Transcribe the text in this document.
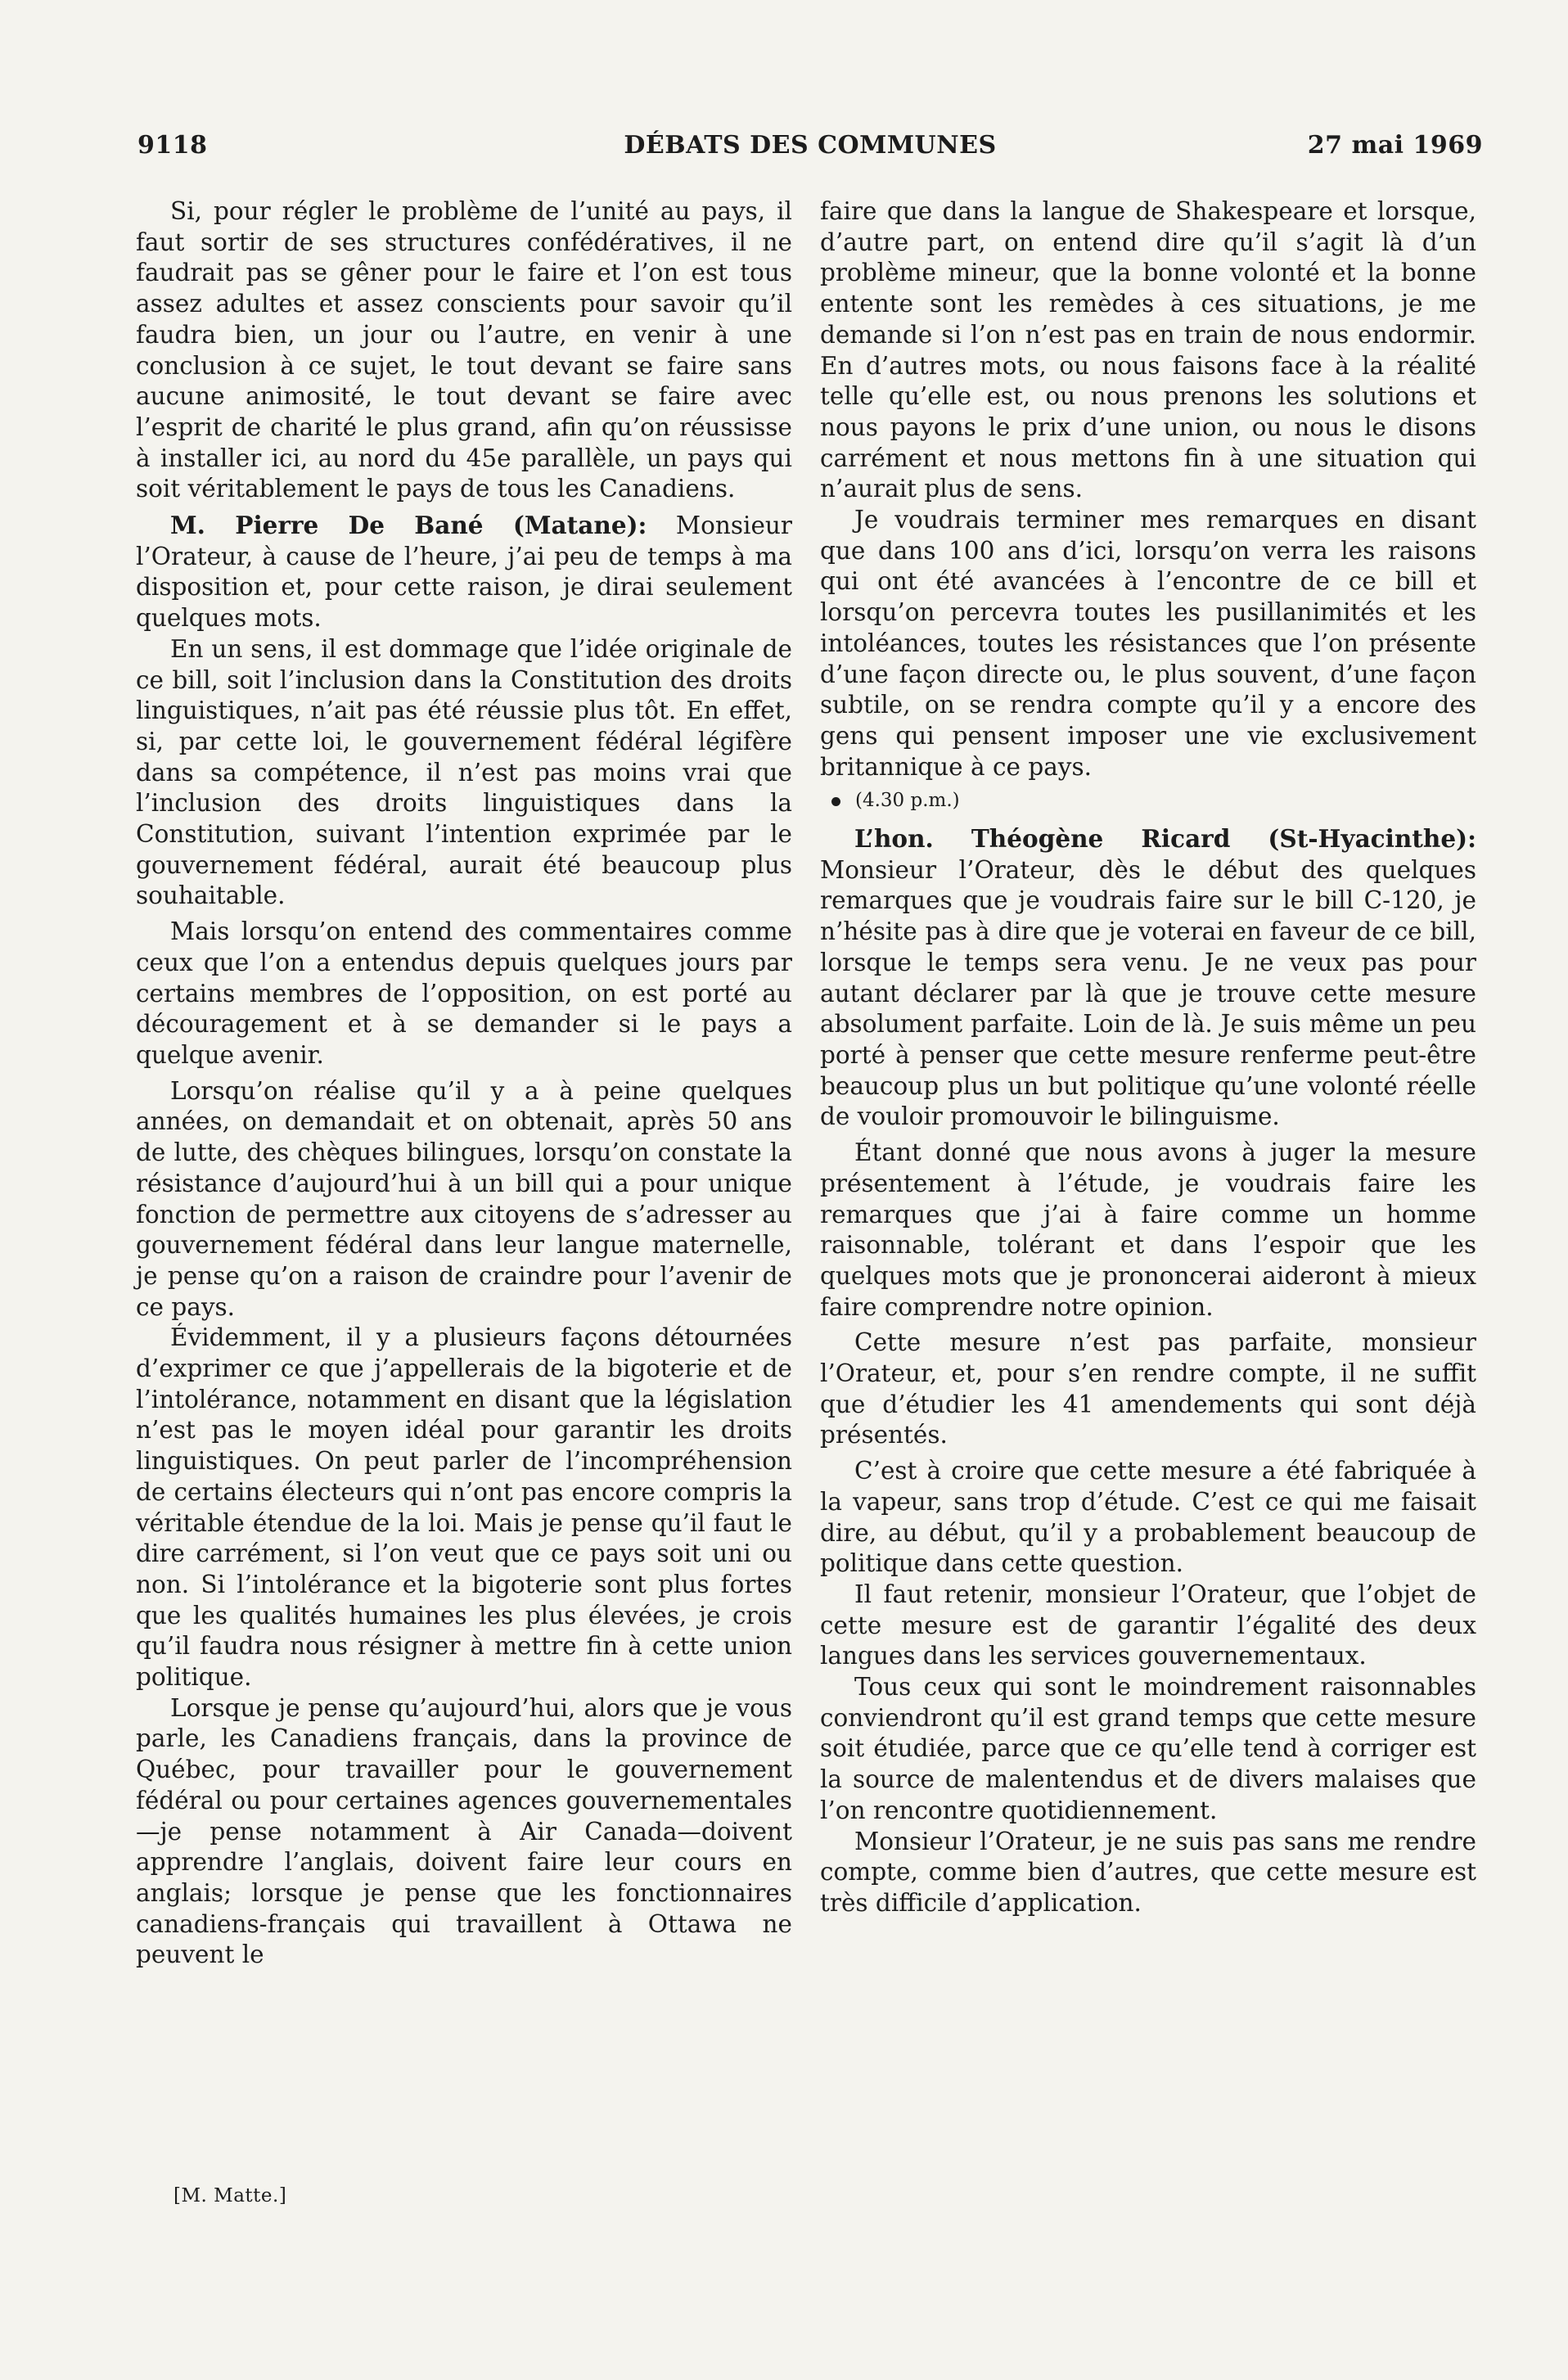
9118	DÉBATS DES COMMUNES	27 mai 1969

Si, pour régler le problème de l’unité au pays, il faut sortir de ses structures confédératives, il ne faudrait pas se gêner pour le faire et l’on est tous assez adultes et assez conscients pour savoir qu’il faudra bien, un jour ou l’autre, en venir à une conclusion à ce sujet, le tout devant se faire sans aucune animosité, le tout devant se faire avec l’esprit de charité le plus grand, afin qu’on réussisse à installer ici, au nord du 45e parallèle, un pays qui soit véritablement le pays de tous les Canadiens.

M. Pierre De Bané (Matane): Monsieur l’Orateur, à cause de l’heure, j’ai peu de temps à ma disposition et, pour cette raison, je dirai seulement quelques mots.

En un sens, il est dommage que l’idée originale de ce bill, soit l’inclusion dans la Constitution des droits linguistiques, n’ait pas été réussie plus tôt. En effet, si, par cette loi, le gouvernement fédéral légifère dans sa compétence, il n’est pas moins vrai que l’inclusion des droits linguistiques dans la Constitution, suivant l’intention exprimée par le gouvernement fédéral, aurait été beaucoup plus souhaitable.

Mais lorsqu’on entend des commentaires comme ceux que l’on a entendus depuis quelques jours par certains membres de l’opposition, on est porté au découragement et à se demander si le pays a quelque avenir.

Lorsqu’on réalise qu’il y a à peine quelques années, on demandait et on obtenait, après 50 ans de lutte, des chèques bilingues, lorsqu’on constate la résistance d’aujourd’hui à un bill qui a pour unique fonction de permettre aux citoyens de s’adresser au gouvernement fédéral dans leur langue maternelle, je pense qu’on a raison de craindre pour l’avenir de ce pays.

Évidemment, il y a plusieurs façons détournées d’exprimer ce que j’appellerais de la bigoterie et de l’intolérance, notamment en disant que la législation n’est pas le moyen idéal pour garantir les droits linguistiques. On peut parler de l’incompréhension de certains électeurs qui n’ont pas encore compris la véritable étendue de la loi. Mais je pense qu’il faut le dire carrément, si l’on veut que ce pays soit uni ou non. Si l’intolérance et la bigoterie sont plus fortes que les qualités humaines les plus élevées, je crois qu’il faudra nous résigner à mettre fin à cette union politique.

Lorsque je pense qu’aujourd’hui, alors que je vous parle, les Canadiens français, dans la province de Québec, pour travailler pour le gouvernement fédéral ou pour certaines agences gouvernementales—je pense notamment à Air Canada—doivent apprendre l’anglais, doivent faire leur cours en anglais; lorsque je pense que les fonctionnaires canadiens-français qui travaillent à Ottawa ne peuvent le

[M. Matte.]

faire que dans la langue de Shakespeare et lorsque, d’autre part, on entend dire qu’il s’agit là d’un problème mineur, que la bonne volonté et la bonne entente sont les remèdes à ces situations, je me demande si l’on n’est pas en train de nous endormir. En d’autres mots, ou nous faisons face à la réalité telle qu’elle est, ou nous prenons les solutions et nous payons le prix d’une union, ou nous le disons carrément et nous mettons fin à une situation qui n’aurait plus de sens.

Je voudrais terminer mes remarques en disant que dans 100 ans d’ici, lorsqu’on verra les raisons qui ont été avancées à l’encontre de ce bill et lorsqu’on percevra toutes les pusillanimités et les intoléances, toutes les résistances que l’on présente d’une façon directe ou, le plus souvent, d’une façon subtile, on se rendra compte qu’il y a encore des gens qui pensent imposer une vie exclusivement britannique à ce pays.

(4.30 p.m.)

L’hon. Théogène Ricard (St-Hyacinthe): Monsieur l’Orateur, dès le début des quelques remarques que je voudrais faire sur le bill C-120, je n’hésite pas à dire que je voterai en faveur de ce bill, lorsque le temps sera venu. Je ne veux pas pour autant déclarer par là que je trouve cette mesure absolument parfaite. Loin de là. Je suis même un peu porté à penser que cette mesure renferme peut-être beaucoup plus un but politique qu’une volonté réelle de vouloir promouvoir le bilinguisme.

Étant donné que nous avons à juger la mesure présentement à l’étude, je voudrais faire les remarques que j’ai à faire comme un homme raisonnable, tolérant et dans l’espoir que les quelques mots que je prononcerai aideront à mieux faire comprendre notre opinion.

Cette mesure n’est pas parfaite, monsieur l’Orateur, et, pour s’en rendre compte, il ne suffit que d’étudier les 41 amendements qui sont déjà présentés.

C’est à croire que cette mesure a été fabriquée à la vapeur, sans trop d’étude. C’est ce qui me faisait dire, au début, qu’il y a probablement beaucoup de politique dans cette question.

Il faut retenir, monsieur l’Orateur, que l’objet de cette mesure est de garantir l’égalité des deux langues dans les services gouvernementaux.

Tous ceux qui sont le moindrement raisonnables conviendront qu’il est grand temps que cette mesure soit étudiée, parce que ce qu’elle tend à corriger est la source de malentendus et de divers malaises que l’on rencontre quotidiennement.

Monsieur l’Orateur, je ne suis pas sans me rendre compte, comme bien d’autres, que cette mesure est très difficile d’application.
